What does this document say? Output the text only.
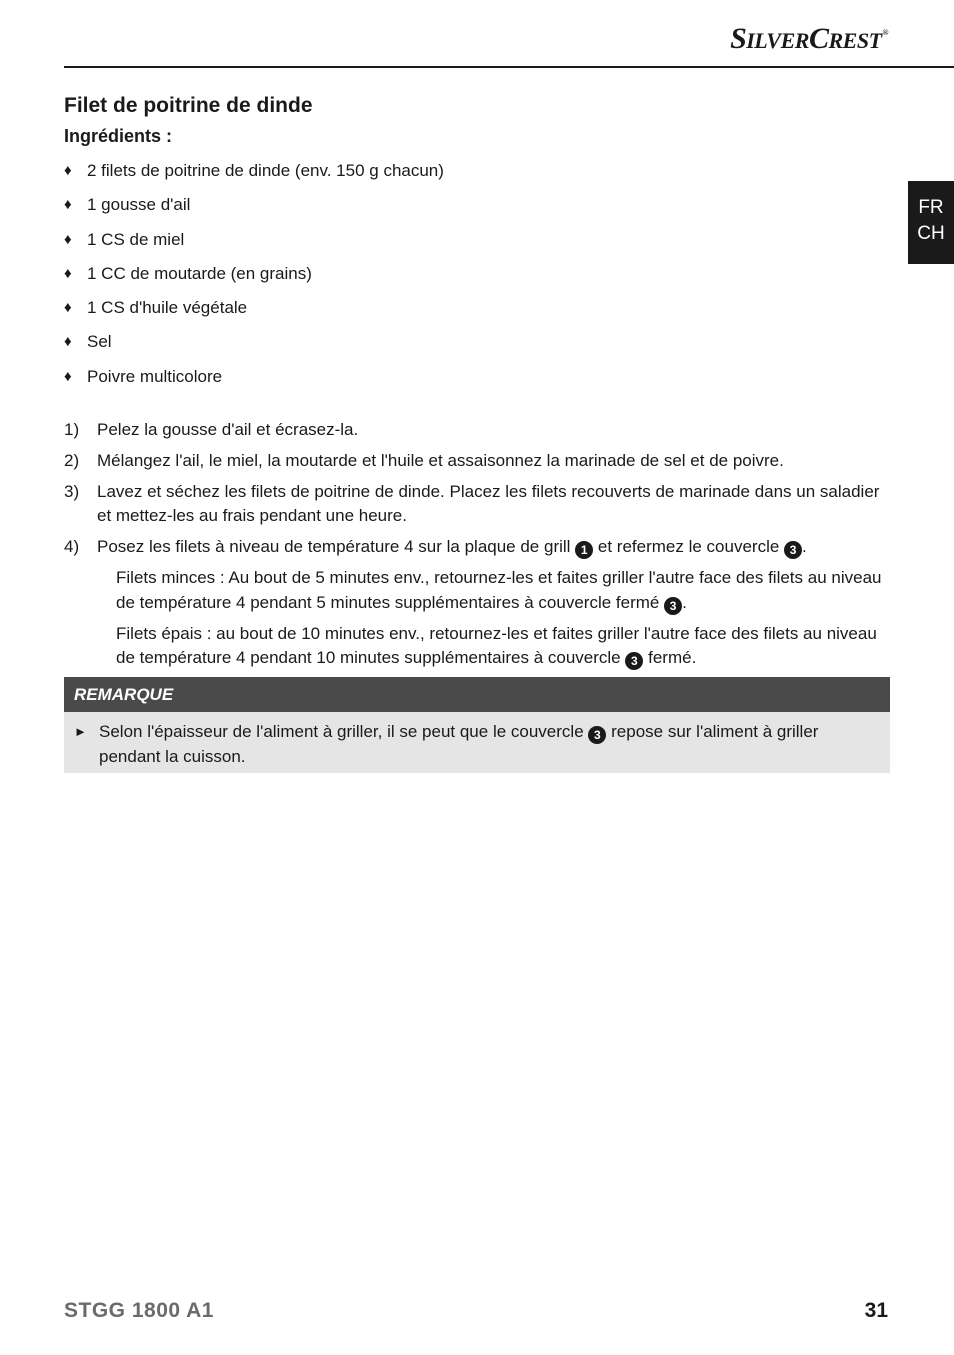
SILVERCREST®
FR
CH
Filet de poitrine de dinde
Ingrédients :
♦ 2 filets de poitrine de dinde (env. 150 g chacun)
♦ 1 gousse d'ail
♦ 1 CS de miel
♦ 1 CC de moutarde (en grains)
♦ 1 CS d'huile végétale
♦ Sel
♦ Poivre multicolore
1)	Pelez la gousse d'ail et écrasez-la.
2)	Mélangez l'ail, le miel, la moutarde et l'huile et assaisonnez la marinade de sel et de poivre.
3)	Lavez et séchez les filets de poitrine de dinde. Placez les filets recouverts de marinade dans un saladier et mettez-les au frais pendant une heure.
4)	Posez les filets à niveau de température 4 sur la plaque de grill 1 et refermez le couvercle 3 .

Filets minces : Au bout de 5 minutes env., retournez-les et faites griller l'autre face des filets au niveau de température 4 pendant 5 minutes supplémentaires à couvercle fermé 3 .

Filets épais : au bout de 10 minutes env., retournez-les et faites griller l'autre face des filets au niveau de température 4 pendant 10 minutes supplémentaires à couvercle 3 fermé.

REMARQUE
► Selon l'épaisseur de l'aliment à griller, il se peut que le couvercle 3 repose sur l'aliment à griller pendant la cuisson.
STGG 1800 A1	31
